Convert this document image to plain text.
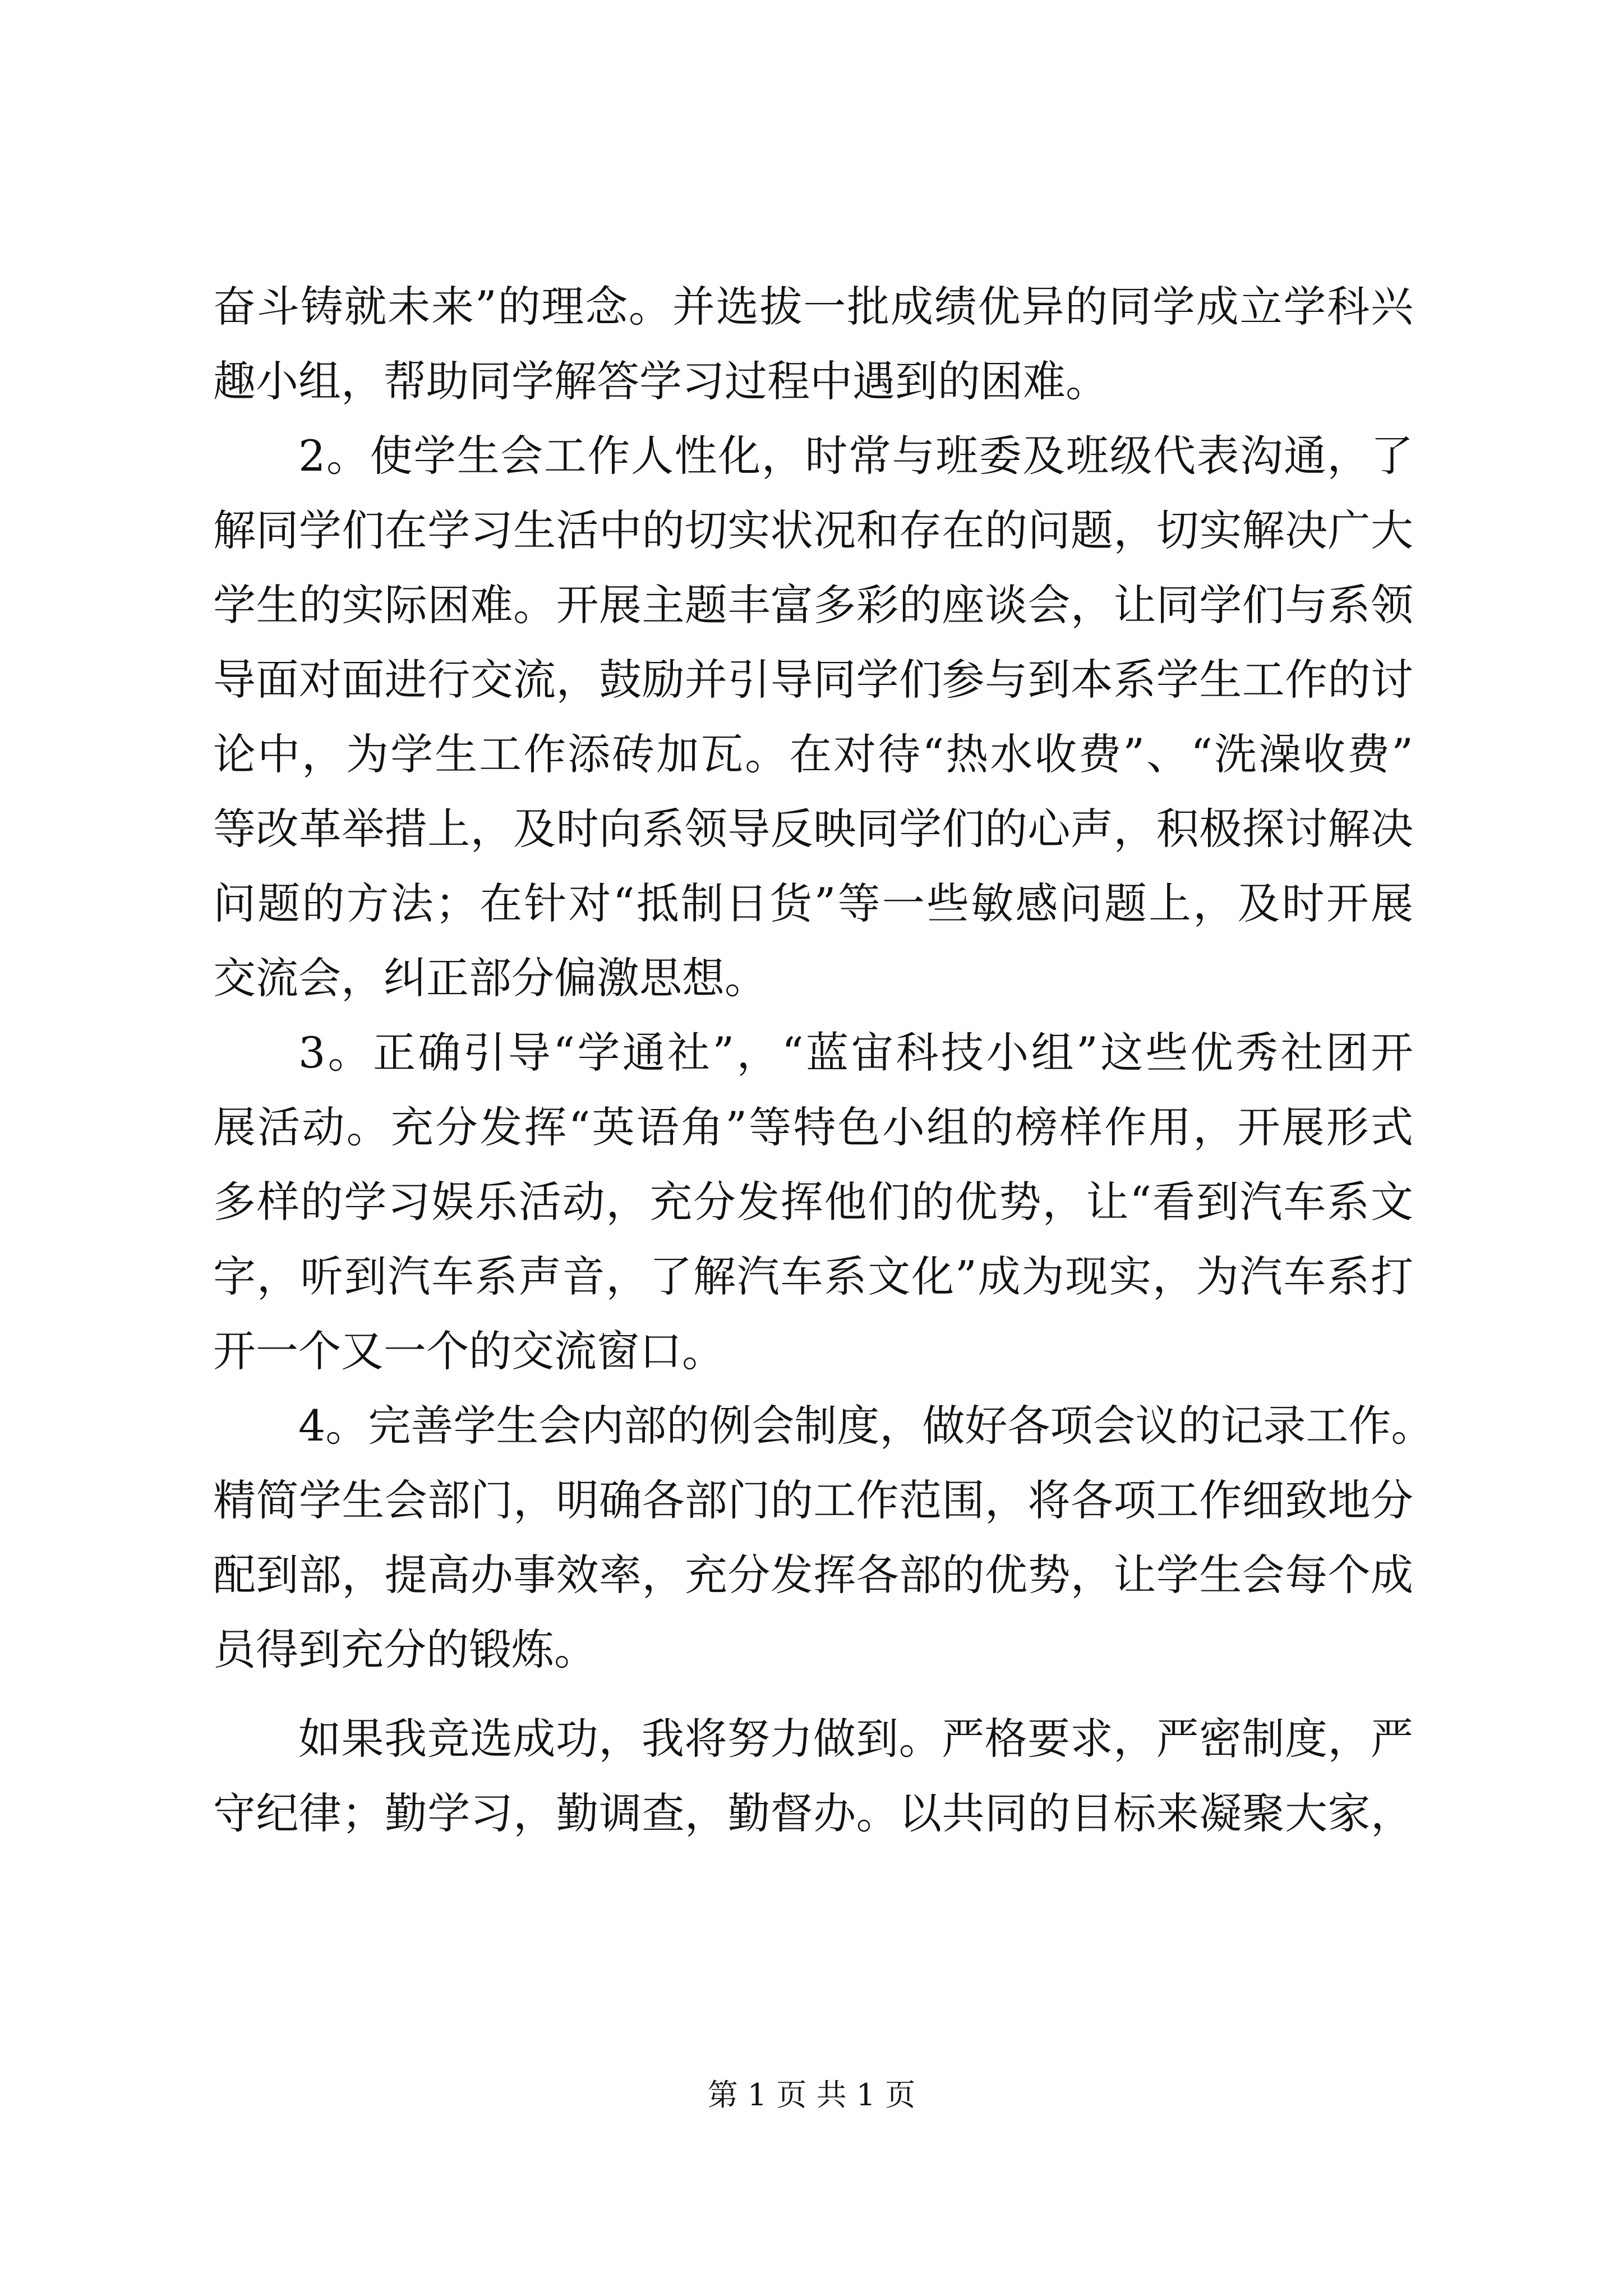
奋斗铸就未来”的理念。并选拔一批成绩优异的同学成立学科兴
趣小组，帮助同学解答学习过程中遇到的困难。
2。使学生会工作人性化，时常与班委及班级代表沟通，了
解同学们在学习生活中的切实状况和存在的问题，切实解决广大
学生的实际困难。开展主题丰富多彩的座谈会，让同学们与系领
导面对面进行交流，鼓励并引导同学们参与到本系学生工作的讨
论中，为学生工作添砖加瓦。在对待“热水收费”、“洗澡收费”
等改革举措上，及时向系领导反映同学们的心声，积极探讨解决
问题的方法；在针对“抵制日货”等一些敏感问题上，及时开展
交流会，纠正部分偏激思想。
3。正确引导“学通社”，“蓝宙科技小组”这些优秀社团开
展活动。充分发挥“英语角”等特色小组的榜样作用，开展形式
多样的学习娱乐活动，充分发挥他们的优势，让“看到汽车系文
字，听到汽车系声音，了解汽车系文化”成为现实，为汽车系打
开一个又一个的交流窗口。
4。完善学生会内部的例会制度，做好各项会议的记录工作。
精简学生会部门，明确各部门的工作范围，将各项工作细致地分
配到部，提高办事效率，充分发挥各部的优势，让学生会每个成
员得到充分的锻炼。
如果我竞选成功，我将努力做到。严格要求，严密制度，严
守纪律；勤学习，勤调查，勤督办。以共同的目标来凝聚大家，
第 1 页 共 1 页
